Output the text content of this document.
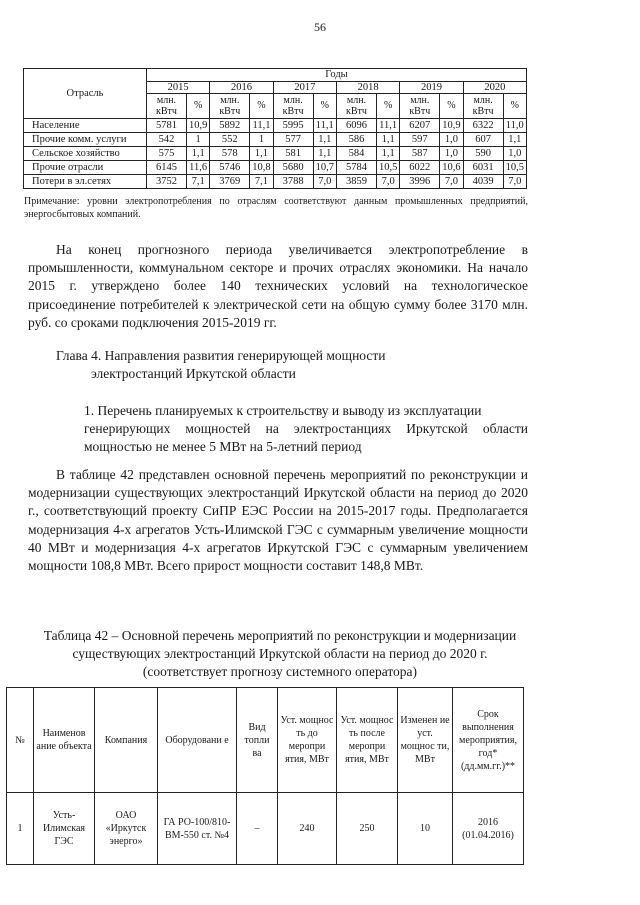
56
Отрасль	Годы											
	2015		2016		2017		2018		2019		2020	
	млн. кВтч	%	млн. кВтч	%	млн. кВтч	%	млн. кВтч	%	млн. кВтч	%	млн. кВтч	%
Население	5781	10,9	5892	11,1	5995	11,1	6096	11,1	6207	10,9	6322	11,0
Прочие комм. услуги	542	1	552	1	577	1,1	586	1,1	597	1,0	607	1,1
Сельское хозяйство	575	1,1	578	1,1	581	1,1	584	1,1	587	1,0	590	1,0
Прочие отрасли	6145	11,6	5746	10,8	5680	10,7	5784	10,5	6022	10,6	6031	10,5
Потери в эл.сетях	3752	7,1	3769	7,1	3788	7,0	3859	7,0	3996	7,0	4039	7,0
Примечание: уровни электропотребления по отраслям соответствуют данным промышленных предприятий, энергосбытовых компаний.
На конец прогнозного периода увеличивается электропотребление в промышленности, коммунальном секторе и прочих отраслях экономики. На начало 2015 г. утверждено более 140 технических условий на технологическое присоединение потребителей к электрической сети на общую сумму более 3170 млн. руб. со сроками подключения 2015-2019 гг.
Глава 4. Направления развития генерирующей мощности
электростанций Иркутской области
1. Перечень планируемых к строительству и выводу из эксплуатации
генерирующих мощностей на электростанциях Иркутской области мощностью не менее 5 МВт на 5-летний период
В таблице 42 представлен основной перечень мероприятий по реконструкции и модернизации существующих электростанций Иркутской области на период до 2020 г., соответствующий проекту СиПР ЕЭС России на 2015-2017 годы. Предполагается модернизация 4-х агрегатов Усть-Илимской ГЭС с суммарным увеличение мощности 40 МВт и модернизация 4-х агрегатов Иркутской ГЭС с суммарным увеличением мощности 108,8 МВт. Всего прирост мощности составит 148,8 МВт.
Таблица 42 – Основной перечень мероприятий по реконструкции и модернизации существующих электростанций Иркутской области на период до 2020 г. (соответствует прогнозу системного оператора)
№	Наименов ание объекта	Компания	Оборудовани е	Вид топли ва	Уст. мощнос ть до меропри ятия, МВт	Уст. мощнос ть после меропри ятия, МВт	Изменен ие уст. мощнос ти, МВт	Срок выполнения мероприятия, год* (дд.мм.гг.)**
1	Усть-Илимская ГЭС	ОАО «Иркутск энерго»	ГА РО-100/810-ВМ-550 ст. №4	–	240	250	10	2016
(01.04.2016)
